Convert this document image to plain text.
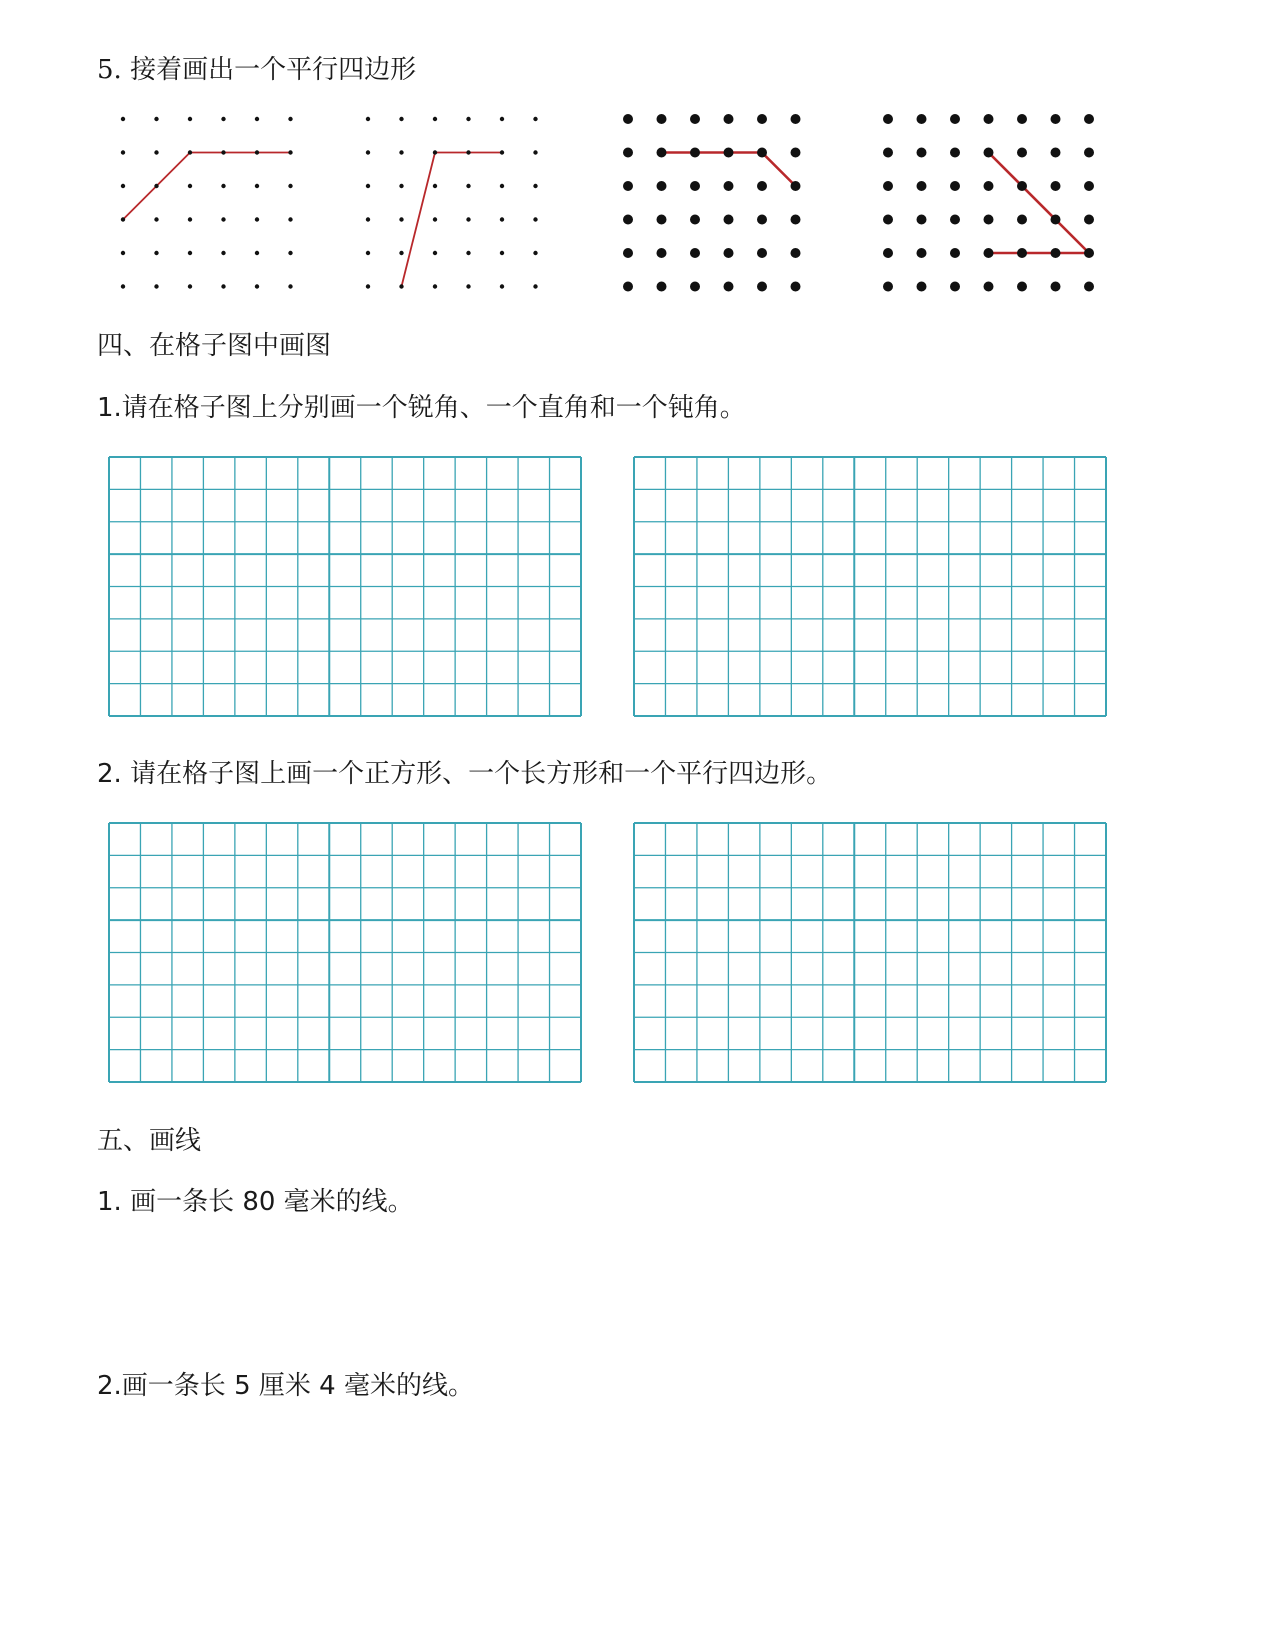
5. 接着画出一个平行四边形
四、在格子图中画图
1.请在格子图上分别画一个锐角、一个直角和一个钝角。
2. 请在格子图上画一个正方形、一个长方形和一个平行四边形。
五、画线
1. 画一条长 80 毫米的线。
2.画一条长 5 厘米 4 毫米的线。
